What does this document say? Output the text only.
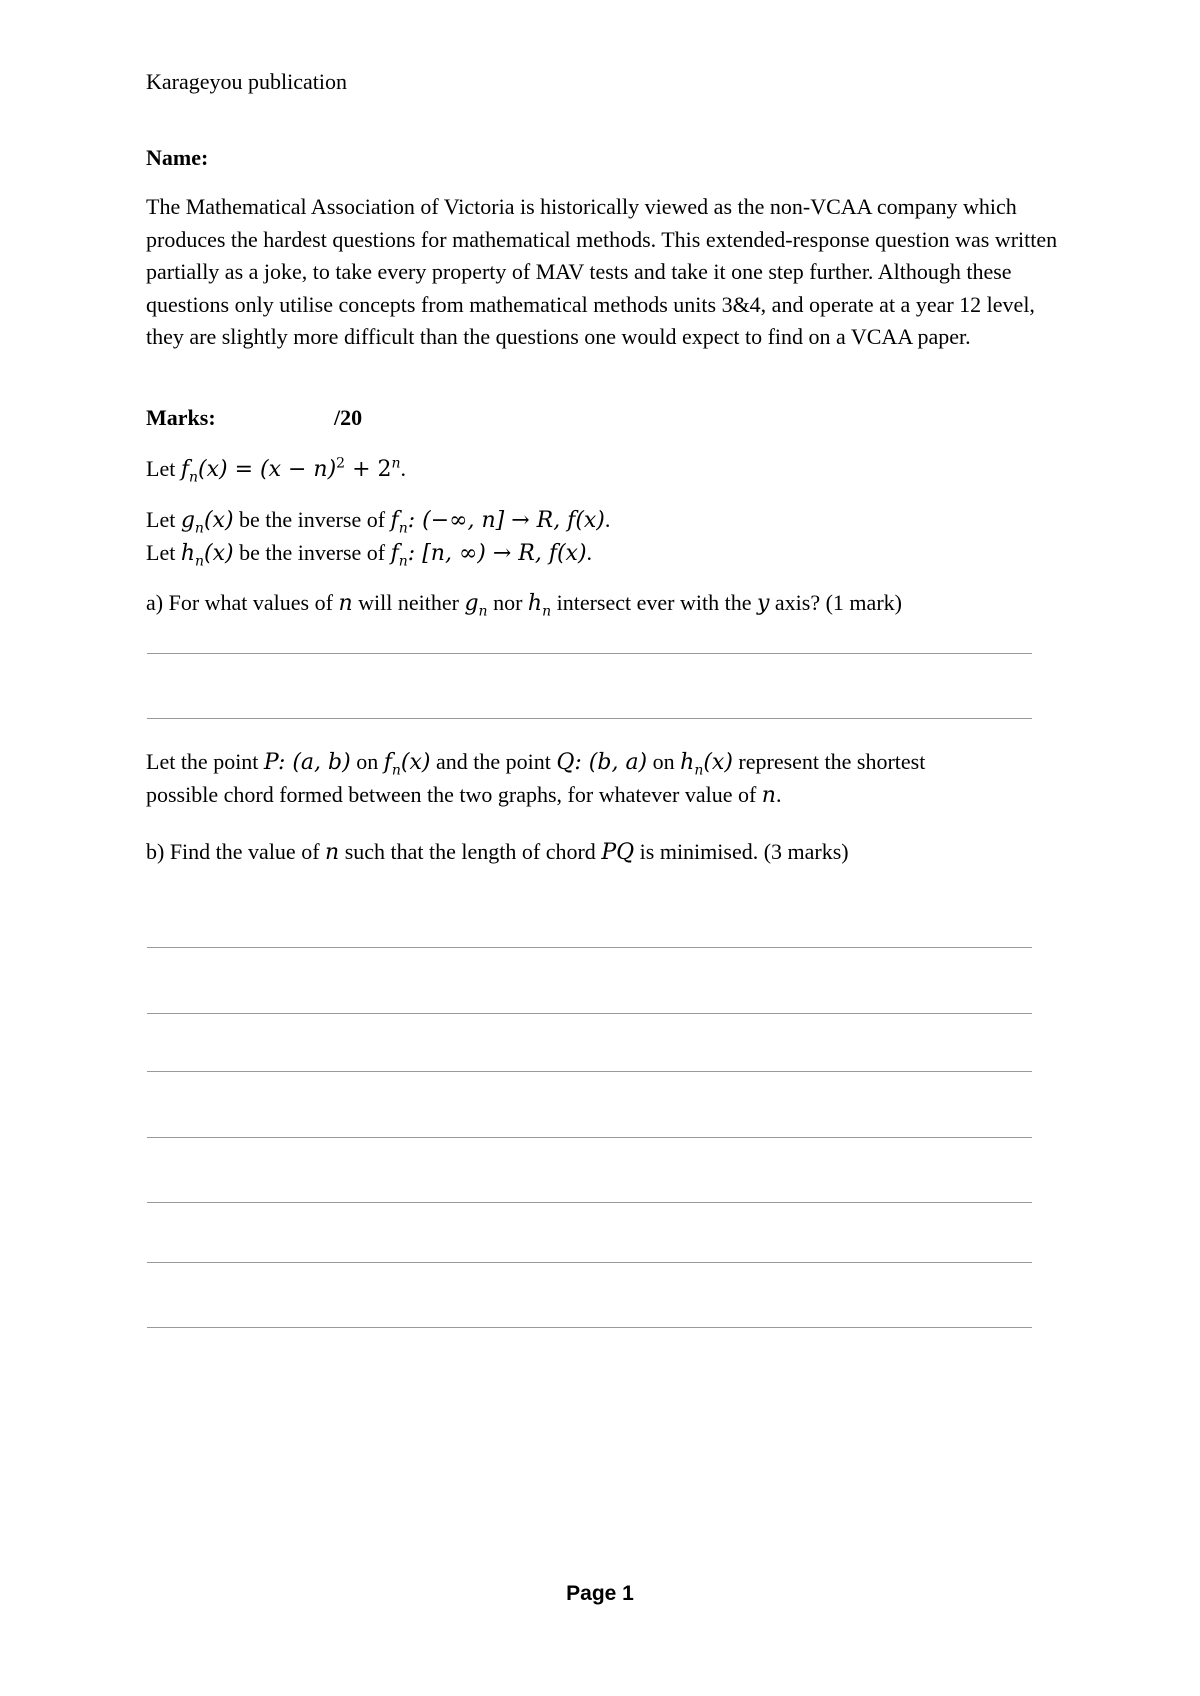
Karageyou publication
Name:
The Mathematical Association of Victoria is historically viewed as the non-VCAA company which produces the hardest questions for mathematical methods. This extended-response question was written partially as a joke, to take every property of MAV tests and take it one step further. Although these questions only utilise concepts from mathematical methods units 3&4, and operate at a year 12 level, they are slightly more difficult than the questions one would expect to find on a VCAA paper.
Marks:	/20
Let $f_n(x) = (x - n)^2 + 2^n$.
Let $g_n(x)$ be the inverse of $f_n$: (−∞, n] → R, f(x).
Let $h_n(x)$ be the inverse of $f_n$: [n, ∞) → R, f(x).
a) For what values of n will neither $g_n$ nor $h_n$ intersect ever with the y axis? (1 mark)
Let the point P: (a, b) on $f_n(x)$ and the point Q: (b, a) on $h_n(x)$ represent the shortest
possible chord formed between the two graphs, for whatever value of n.
b) Find the value of n such that the length of chord PQ is minimised. (3 marks)
Page 1
